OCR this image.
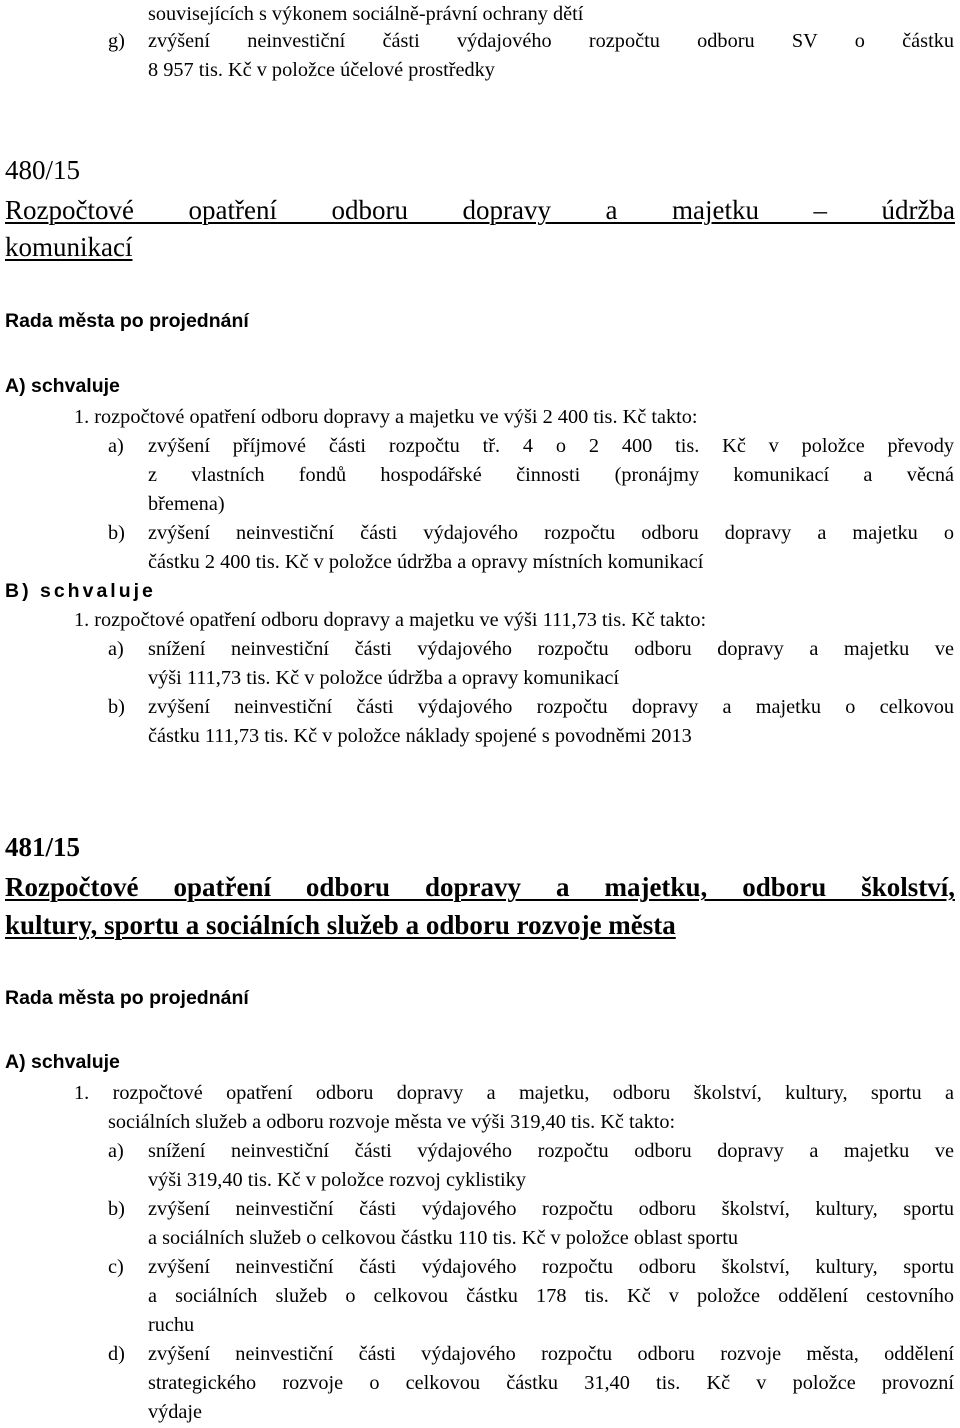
souvisejících s výkonem sociálně-právní ochrany dětí
g) zvýšení neinvestiční části výdajového rozpočtu odboru SV o částku
8 957 tis. Kč v položce účelové prostředky
480/15
Rozpočtové opatření odboru dopravy a majetku – údržba
komunikací
Rada města po projednání
A) schvaluje
1. rozpočtové opatření odboru dopravy a majetku ve výši 2 400 tis. Kč takto:
a) zvýšení příjmové části rozpočtu tř. 4 o 2 400 tis. Kč v položce převody
z vlastních fondů hospodářské činnosti (pronájmy komunikací a věcná
břemena)
b) zvýšení neinvestiční části výdajového rozpočtu odboru dopravy a majetku o
částku 2 400 tis. Kč v položce údržba a opravy místních komunikací
B) schvaluje
1. rozpočtové opatření odboru dopravy a majetku ve výši 111,73 tis. Kč takto:
a) snížení neinvestiční části výdajového rozpočtu odboru dopravy a majetku ve
výši 111,73 tis. Kč v položce údržba a opravy komunikací
b) zvýšení neinvestiční části výdajového rozpočtu dopravy a majetku o celkovou
částku 111,73 tis. Kč v položce náklady spojené s povodněmi 2013
481/15
Rozpočtové opatření odboru dopravy a majetku, odboru školství,
kultury, sportu a sociálních služeb a odboru rozvoje města
Rada města po projednání
A) schvaluje
1. rozpočtové opatření odboru dopravy a majetku, odboru školství, kultury, sportu a
sociálních služeb a odboru rozvoje města ve výši 319,40 tis. Kč takto:
a) snížení neinvestiční části výdajového rozpočtu odboru dopravy a majetku ve
výši 319,40 tis. Kč v položce rozvoj cyklistiky
b) zvýšení neinvestiční části výdajového rozpočtu odboru školství, kultury, sportu
a sociálních služeb o celkovou částku 110 tis. Kč v položce oblast sportu
c) zvýšení neinvestiční části výdajového rozpočtu odboru školství, kultury, sportu
a sociálních služeb o celkovou částku 178 tis. Kč v položce oddělení cestovního
ruchu
d) zvýšení neinvestiční části výdajového rozpočtu odboru rozvoje města, oddělení
strategického rozvoje o celkovou částku 31,40 tis. Kč v položce provozní
výdaje
